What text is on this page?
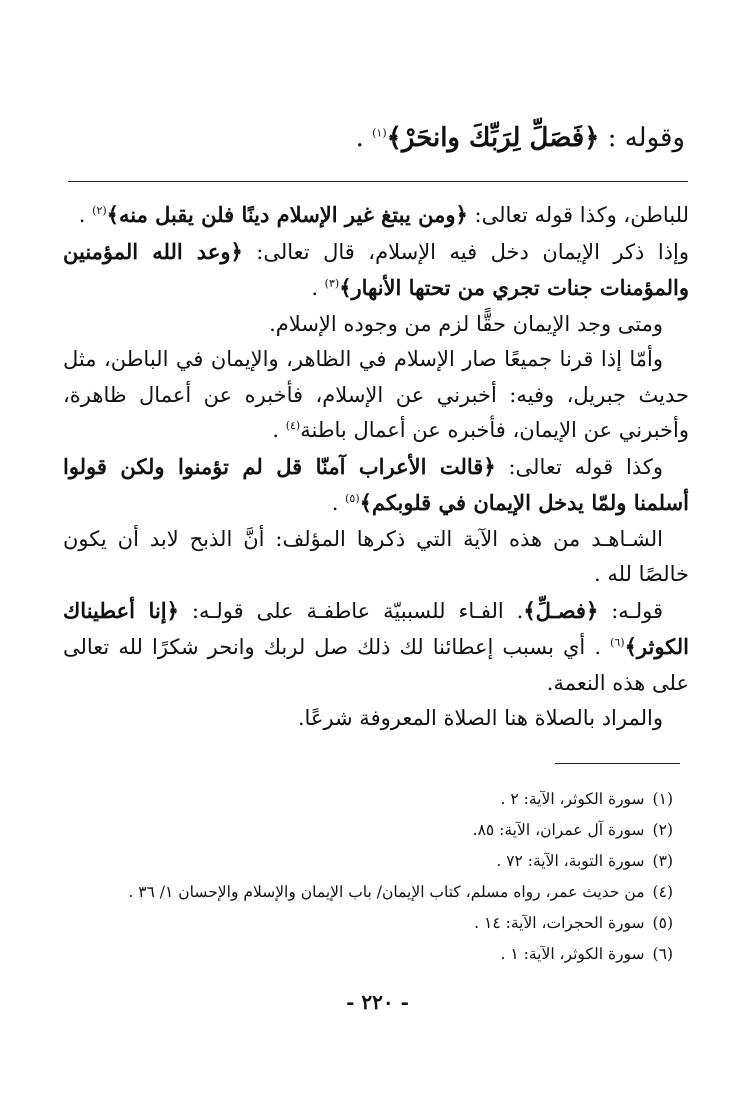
وقوله : ﴿فَصَلِّ لِرَبِّكَ وانحَرْ﴾$^{(١)}$ .

للباطن، وكذا قوله تعالى: ﴿ومن يبتغ غير الإسلام دينًا فلن يقبل منه﴾$^{(٢)}$ .

وإذا ذكر الإيمان دخل فيه الإسلام، قال تعالى: ﴿وعد الله المؤمنين والمؤمنات جنات تجري من تحتها الأنهار﴾$^{(٣)}$ .

ومتى وجد الإيمان حقًّا لزم من وجوده الإسلام.

وأمّا إذا قرنا جميعًا صار الإسلام في الظاهر، والإيمان في الباطن، مثل حديث جبريل، وفيه: أخبرني عن الإسلام، فأخبره عن أعمال ظاهرة، وأخبرني عن الإيمان، فأخبره عن أعمال باطنة$^{(٤)}$ .

وكذا قوله تعالى: ﴿قالت الأعراب آمنّا قل لم تؤمنوا ولكن قولوا أسلمنا ولمّا يدخل الإيمان في قلوبكم﴾$^{(٥)}$ .

الشـاهـد من هذه الآية التي ذكرها المؤلف: أنَّ الذبح لابد أن يكون خالصًا لله .

قولـه: ﴿فصـلِّ﴾. الفـاء للسببيّة عاطفـة على قولـه: ﴿إنا أعطيناك الكوثر﴾$^{(٦)}$ . أي بسبب إعطائنا لك ذلك صل لربك وانحر شكرًا لله تعالى على هذه النعمة.

والمراد بالصلاة هنا الصلاة المعروفة شرعًا.

(١)سورة الكوثر، الآية: ٢ .
(٢)سورة آل عمران، الآية: ٨٥.
(٣)سورة التوبة، الآية: ٧٢ .
(٤)من حديث عمر، رواه مسلم، كتاب الإيمان/ باب الإيمان والإسلام والإحسان ١/ ٣٦ .
(٥)سورة الحجرات، الآية: ١٤ .
(٦)سورة الكوثر، الآية: ١ .
- ٢٢٠ -
